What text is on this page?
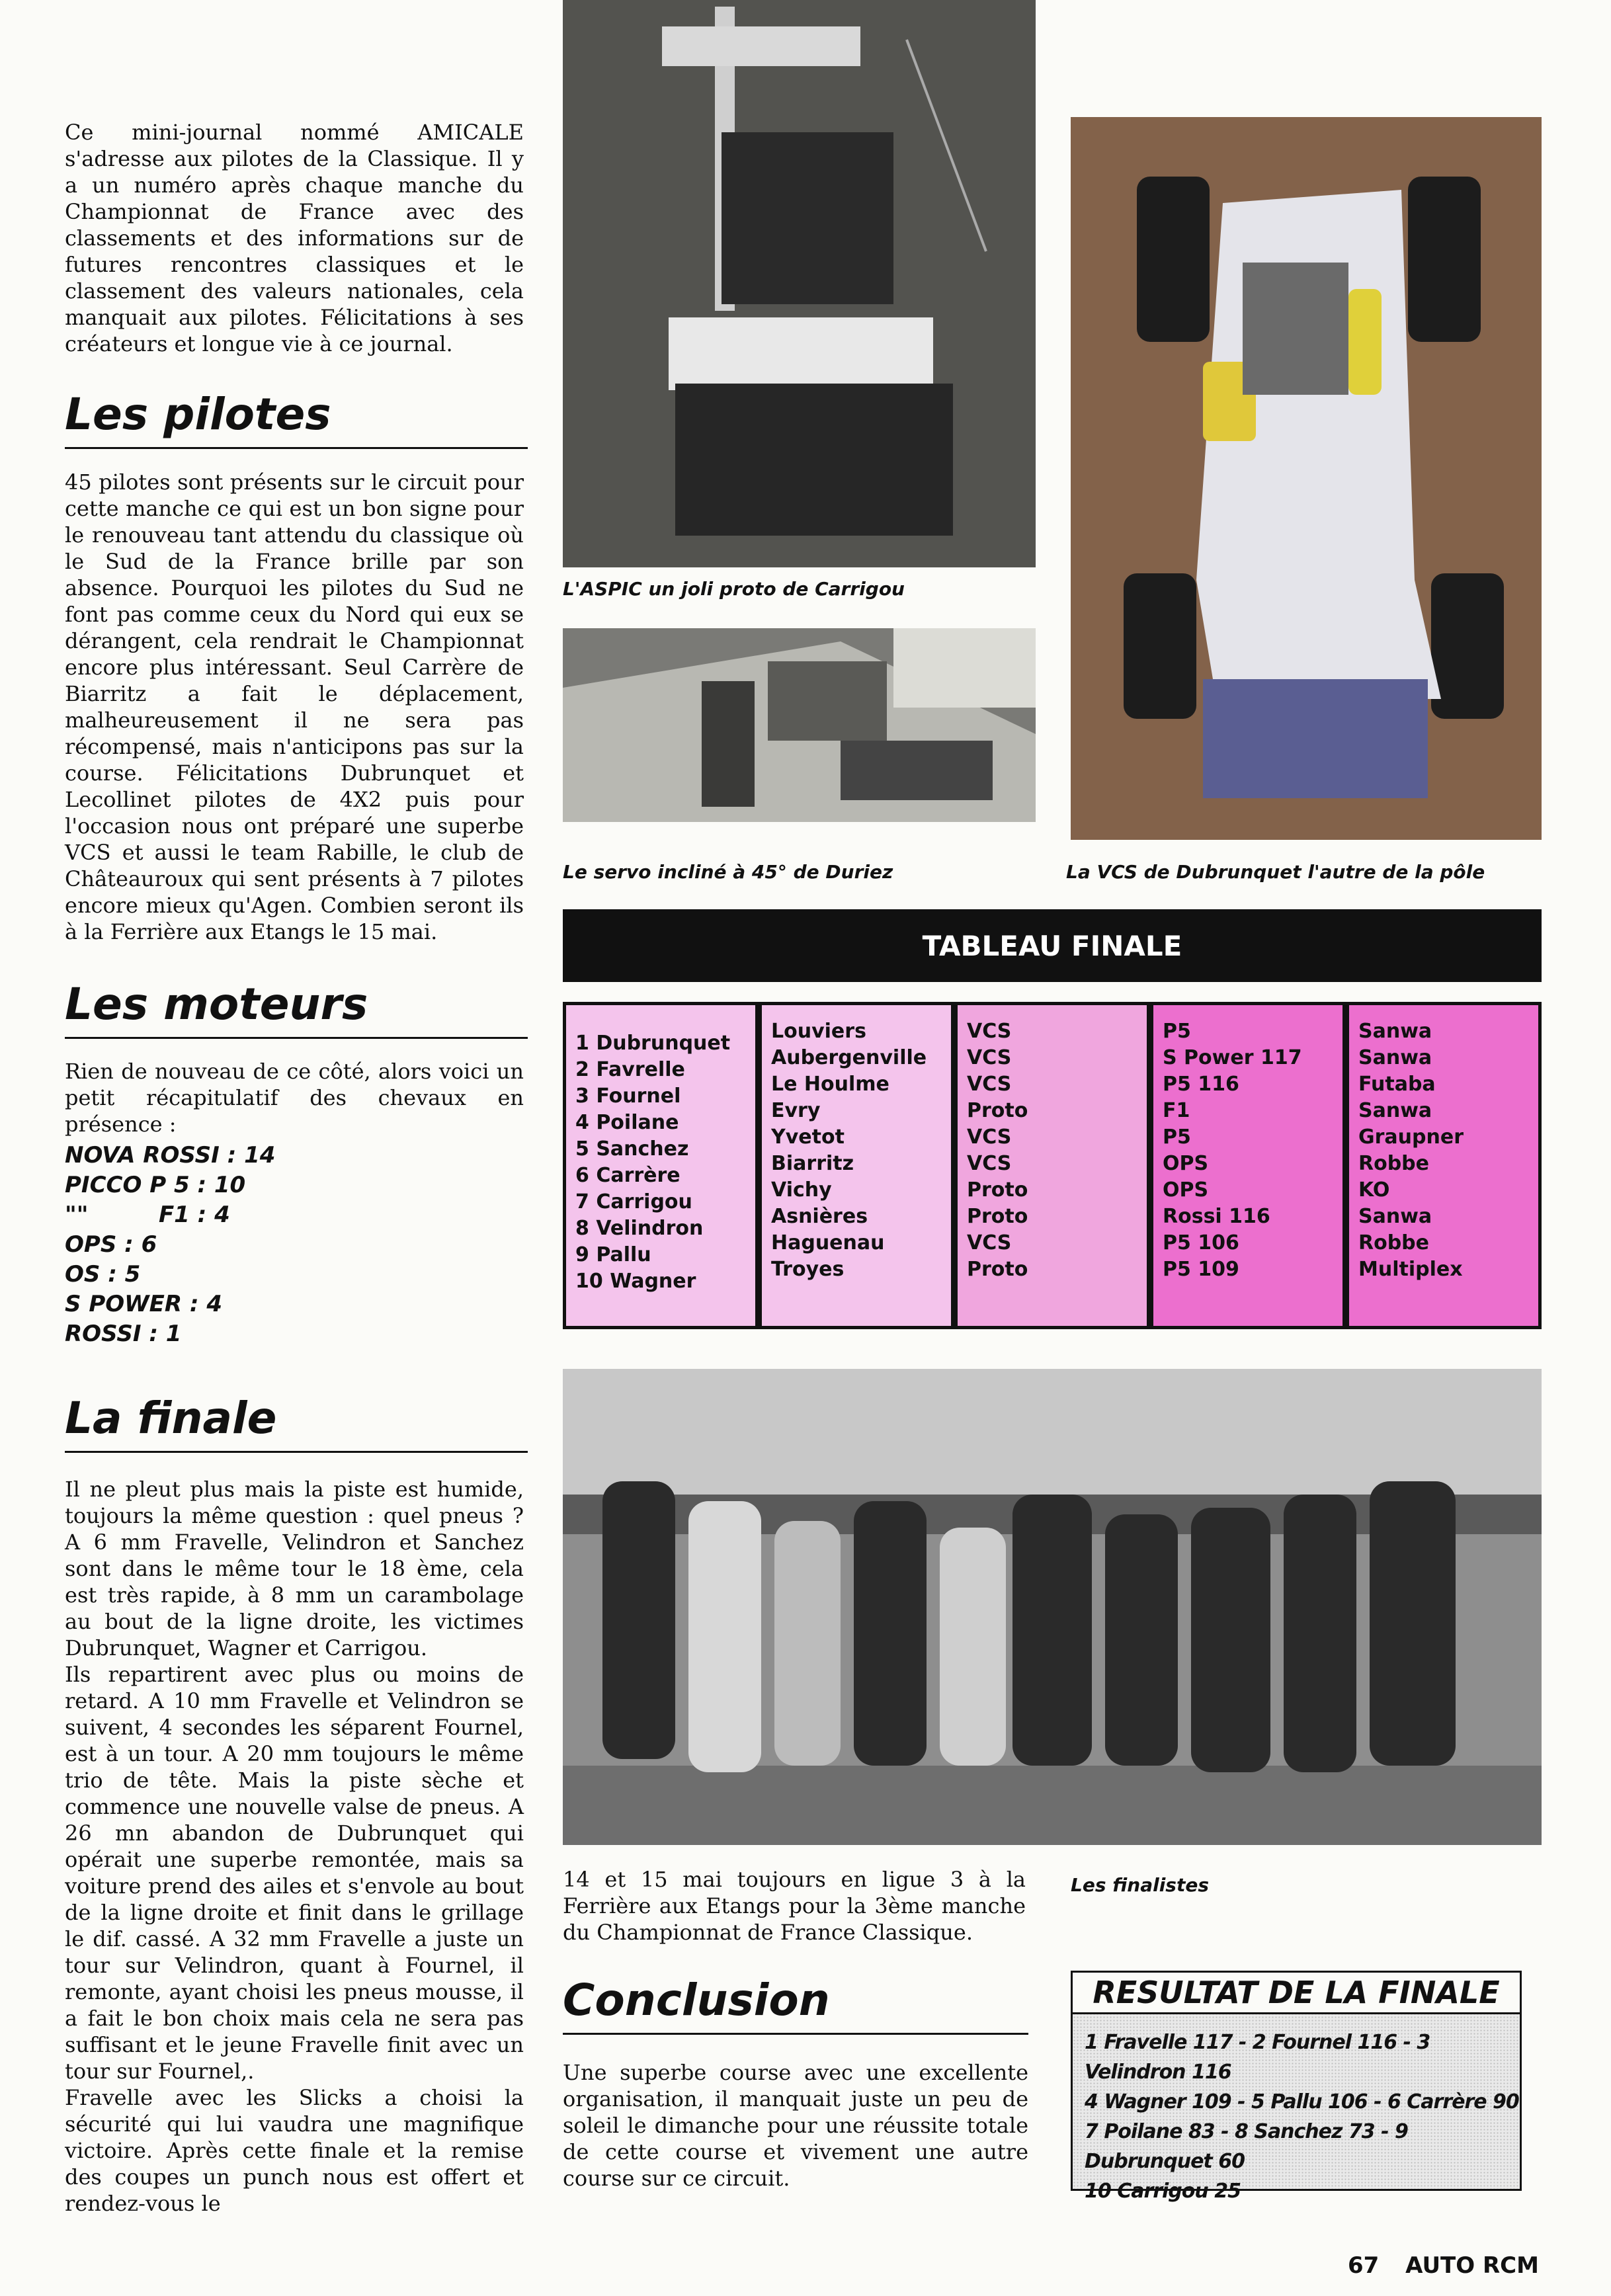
Ce mini-journal nommé AMICALE s'adresse aux pilotes de la Classique. Il y a un numéro après chaque manche du Championnat de France avec des classements et des informations sur de futures rencontres classiques et le classement des valeurs nationales, cela manquait aux pilotes. Félicitations à ses créateurs et longue vie à ce journal.

Les pilotes

45 pilotes sont présents sur le circuit pour cette manche ce qui est un bon signe pour le renouveau tant attendu du classique où le Sud de la France brille par son absence. Pourquoi les pilotes du Sud ne font pas comme ceux du Nord qui eux se dérangent, cela rendrait le Championnat encore plus intéressant. Seul Carrère de Biarritz a fait le déplacement, malheureusement il ne sera pas récompensé, mais n'anticipons pas sur la course. Félicitations Dubrunquet et Lecollinet pilotes de 4X2 puis pour l'occasion nous ont préparé une superbe VCS et aussi le team Rabille, le club de Châteauroux qui sent présents à 7 pilotes encore mieux qu'Agen. Combien seront ils à la Ferrière aux Etangs le 15 mai.

Les moteurs

Rien de nouveau de ce côté, alors voici un petit récapitulatif des chevaux en présence :

NOVA ROSSI : 14

PICCO P 5 : 10

""         F1 : 4

OPS : 6

OS : 5

S POWER : 4

ROSSI : 1

La finale

Il ne pleut plus mais la piste est humide, toujours la même question : quel pneus ? A 6 mm Fravelle, Velindron et Sanchez sont dans le même tour le 18 ème, cela est très rapide, à 8 mm un carambolage au bout de la ligne droite, les victimes Dubrunquet, Wagner et Carrigou.
Ils repartirent avec plus ou moins de retard. A 10 mm Fravelle et Velindron se suivent, 4 secondes les séparent Fournel, est à un tour. A 20 mm toujours le même trio de tête. Mais la piste sèche et commence une nouvelle valse de pneus. A 26 mn abandon de Dubrunquet qui opérait une superbe remontée, mais sa voiture prend des ailes et s'envole au bout de la ligne droite et finit dans le grillage le dif. cassé. A 32 mm Fravelle a juste un tour sur Velindron, quant à Fournel, il remonte, ayant choisi les pneus mousse, il a fait le bon choix mais cela ne sera pas suffisant et le jeune Fravelle finit avec un tour sur Fournel,.
Fravelle avec les Slicks a choisi la sécurité qui lui vaudra une magnifique victoire. Après cette finale et la remise des coupes un punch nous est offert et rendez-vous le

L'ASPIC un joli proto de Carrigou

Le servo incliné à 45° de Duriez	La VCS de Dubrunquet l'autre de la pôle

TABLEAU FINALE
1 Dubrunquet
2 Favrelle
3 Fournel
4 Poilane
5 Sanchez
6 Carrère
7 Carrigou
8 Velindron
9 Pallu
10 Wagner
Louviers
Aubergenville
Le Houlme
Evry
Yvetot
Biarritz
Vichy
Asnières
Haguenau
Troyes
VCS
VCS
VCS
Proto
VCS
VCS
Proto
Proto
VCS
Proto
P5
S Power 117
P5 116
F1
P5
OPS
OPS
Rossi 116
P5 106
P5 109
Sanwa
Sanwa
Futaba
Sanwa
Graupner
Robbe
KO
Sanwa
Robbe
Multiplex

14 et 15 mai toujours en ligue 3 à la Ferrière aux Etangs pour la 3ème manche du Championnat de France Classique.

Les finalistes

Conclusion

Une superbe course avec une excellente organisation, il manquait juste un peu de soleil le dimanche pour une réussite totale de cette course et vivement une autre course sur ce circuit.

RESULTAT DE LA FINALE

1 Fravelle 117 - 2 Fournel 116 - 3 Velindron 116

4 Wagner 109 - 5 Pallu 106 - 6 Carrère 90

7 Poilane 83 - 8 Sanchez 73 - 9 Dubrunquet 60

10 Carrigou 25

67 AUTO RCM
